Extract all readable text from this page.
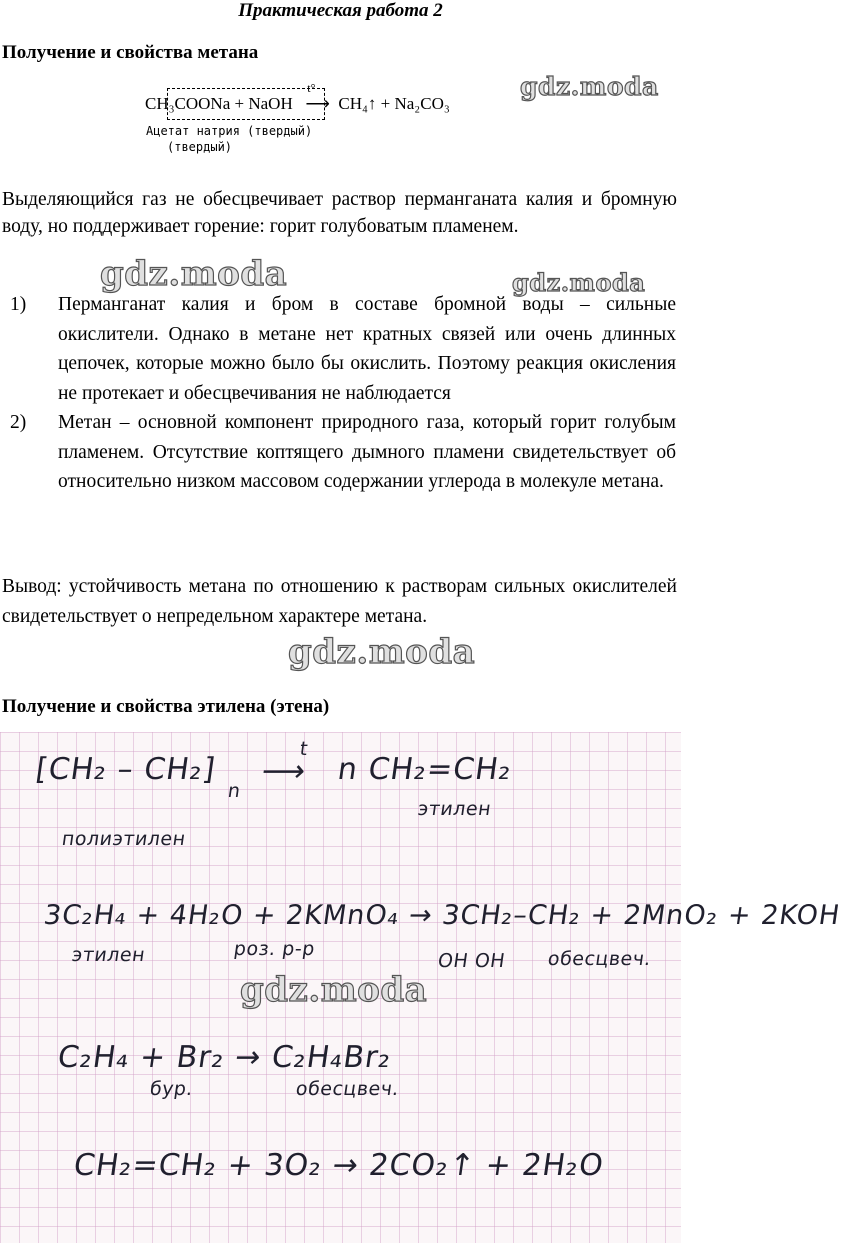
Практическая работа 2
Получение и свойства метана
CH₃COONa + NaOH
t°
⟶ CH₄↑ + Na₂CO₃
Ацетат натрия (твердый)
(твердый)
Выделяющийся газ не обесцвечивает раствор перманганата калия и бромную воду, но поддерживает горение: горит голубоватым пламенем.
1) Перманганат калия и бром в составе бромной воды – сильные окислители. Однако в метане нет кратных связей или очень длинных цепочек, которые можно было бы окислить. Поэтому реакция окисления не протекает и обесцвечивания не наблюдается
2) Метан – основной компонент природного газа, который горит голубым пламенем. Отсутствие коптящего дымного пламени свидетельствует об относительно низком массовом содержании углерода в молекуле метана.
Вывод: устойчивость метана по отношению к растворам сильных окислителей свидетельствует о непредельном характере метана.
Получение и свойства этилена (этена)
[CH₂ – CH₂]
n
t
⟶ n CH₂=CH₂
этилен
полиэтилен
3C₂H₄ + 4H₂O + 2KMnO₄ → 3CH₂–CH₂ + 2MnO₂ + 2KOH
этилен	роз. р-р
OH OH обесцвеч.
C₂H₄ + Br₂ → C₂H₄Br₂
бур.	обесцвеч.
CH₂=CH₂ + 3O₂ → 2CO₂↑ + 2H₂O
gdz.moda
gdz.moda	gdz.moda
gdz.moda
gdz.moda
